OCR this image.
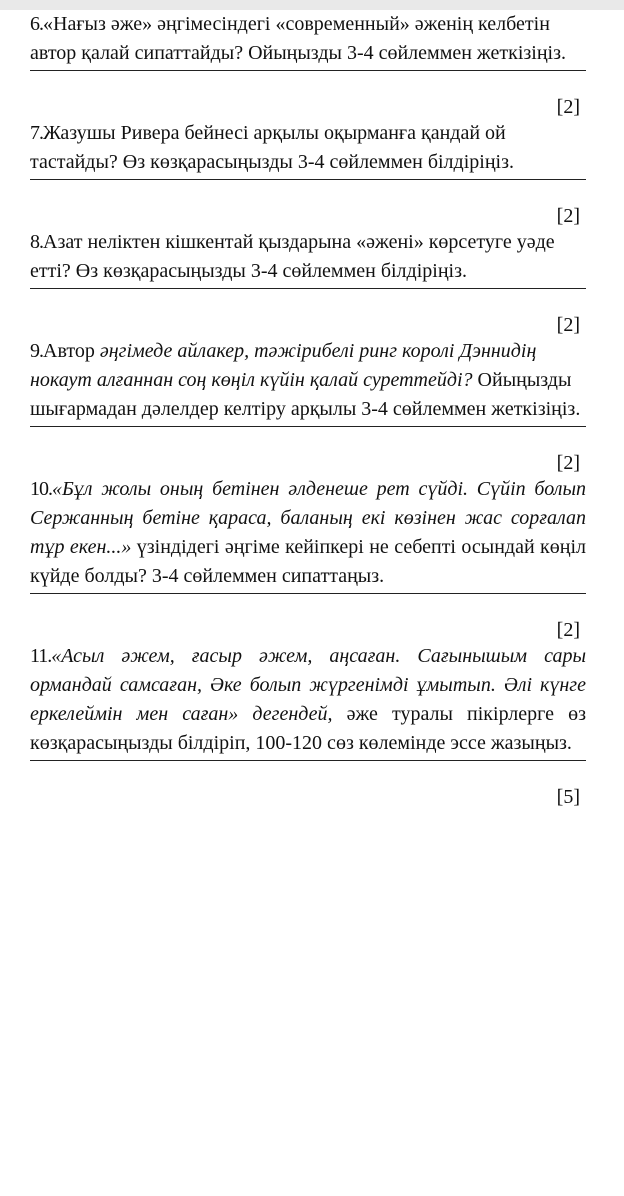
6.«Нағыз әже» әңгімесіндегі «современный» әженің келбетін автор қалай сипаттайды? Ойыңызды 3-4 сөйлеммен жеткізіңіз.
[2]
7.Жазушы Ривера бейнесі арқылы оқырманға қандай ой тастайды? Өз көзқарасыңызды 3-4 сөйлеммен білдіріңіз.
[2]
8.Азат неліктен кішкентай қыздарына «әжені» көрсетуге уәде етті? Өз көзқарасыңызды 3-4 сөйлеммен білдіріңіз.
[2]
9.Автор әңгімеде айлакер, тәжірибелі ринг королі Дэннидің нокаут алғаннан соң көңіл күйін қалай суреттейді? Ойыңызды шығармадан дәлелдер келтіру арқылы 3-4 сөйлеммен жеткізіңіз.
[2]
10.«Бұл жолы оның бетінен әлденеше рет сүйді. Сүйіп болып Сержанның бетіне қараса, баланың екі көзінен жас сорғалап тұр екен...» үзіндідегі әңгіме кейіпкері не себепті осындай көңіл күйде болды? 3-4 сөйлеммен сипаттаңыз.
[2]
11.«Асыл әжем, ғасыр әжем, аңсаған. Сағынышым сары ормандай самсаған, Әке болып жүргенімді ұмытып. Әлі күнге еркелеймін мен саған» дегендей, әже туралы пікірлерге өз көзқарасыңызды білдіріп, 100-120 сөз көлемінде эссе жазыңыз.
[5]
